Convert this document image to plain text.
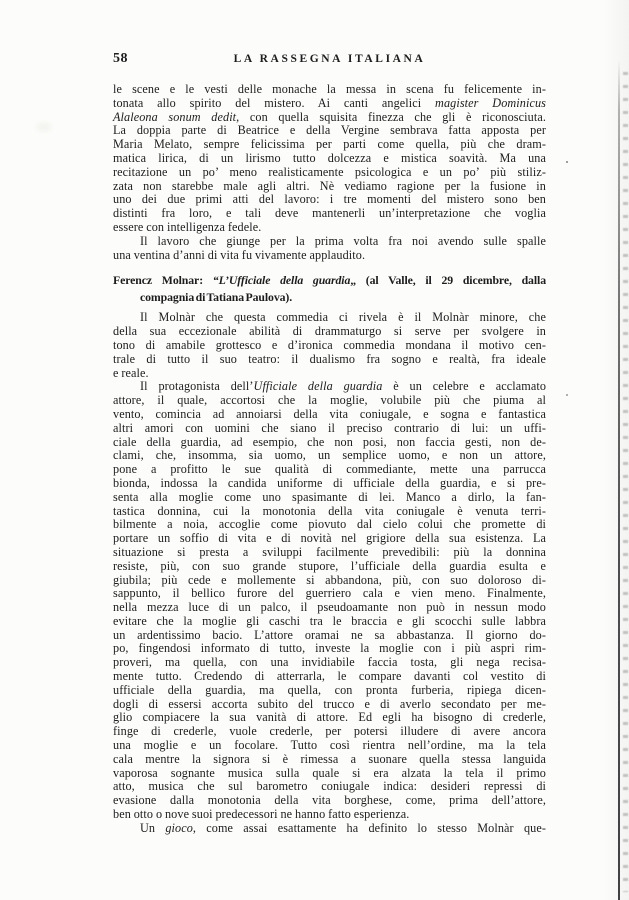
58	LA RASSEGNA ITALIANA
le scene e le vesti delle monache la messa in scena fu felicemente in-
tonata allo spirito del mistero. Ai canti angelici magister Dominicus
Alaleona sonum dedit, con quella squisita finezza che gli è riconosciuta.
La doppia parte di Beatrice e della Vergine sembrava fatta apposta per
Maria Melato, sempre felicissima per parti come quella, più che dram-
matica lirica, di un lirismo tutto dolcezza e mistica soavità. Ma una
recitazione un po’ meno realisticamente psicologica e un po’ più stiliz-
zata non starebbe male agli altri. Nè vediamo ragione per la fusione in
uno dei due primi atti del lavoro: i tre momenti del mistero sono ben
distinti fra loro, e tali deve mantenerli un’interpretazione che voglia
essere con intelligenza fedele.
Il lavoro che giunge per la prima volta fra noi avendo sulle spalle
una ventina d’anni di vita fu vivamente applaudito.
Ferencz Molnar: “L’Ufficiale della guardia„ (al Valle, il 29 dicembre, dalla
compagnia di Tatiana Paulova).
Il Molnàr che questa commedia ci rivela è il Molnàr minore, che
della sua eccezionale abilità di drammaturgo si serve per svolgere in
tono di amabile grottesco e d’ironica commedia mondana il motivo cen-
trale di tutto il suo teatro: il dualismo fra sogno e realtà, fra ideale
e reale.
Il protagonista dell’Ufficiale della guardia è un celebre e acclamato
attore, il quale, accortosi che la moglie, volubile più che piuma al
vento, comincia ad annoiarsi della vita coniugale, e sogna e fantastica
altri amori con uomini che siano il preciso contrario di lui: un uffi-
ciale della guardia, ad esempio, che non posi, non faccia gesti, non de-
clami, che, insomma, sia uomo, un semplice uomo, e non un attore,
pone a profitto le sue qualità di commediante, mette una parrucca
bionda, indossa la candida uniforme di ufficiale della guardia, e si pre-
senta alla moglie come uno spasimante di lei. Manco a dirlo, la fan-
tastica donnina, cui la monotonia della vita coniugale è venuta terri-
bilmente a noia, accoglie come piovuto dal cielo colui che promette di
portare un soffio di vita e di novità nel grigiore della sua esistenza. La
situazione si presta a sviluppi facilmente prevedibili: più la donnina
resiste, più, con suo grande stupore, l’ufficiale della guardia esulta e
giubila; più cede e mollemente si abbandona, più, con suo doloroso di-
sappunto, il bellico furore del guerriero cala e vien meno. Finalmente,
nella mezza luce di un palco, il pseudoamante non può in nessun modo
evitare che la moglie gli caschi tra le braccia e gli scocchi sulle labbra
un ardentissimo bacio. L’attore oramai ne sa abbastanza. Il giorno do-
po, fingendosi informato di tutto, investe la moglie con i più aspri rim-
proveri, ma quella, con una invidiabile faccia tosta, gli nega recisa-
mente tutto. Credendo di atterrarla, le compare davanti col vestito di
ufficiale della guardia, ma quella, con pronta furberia, ripiega dicen-
dogli di essersi accorta subito del trucco e di averlo secondato per me-
glio compiacere la sua vanità di attore. Ed egli ha bisogno di crederle,
finge di crederle, vuole crederle, per potersi illudere di avere ancora
una moglie e un focolare. Tutto così rientra nell’ordine, ma la tela
cala mentre la signora si è rimessa a suonare quella stessa languida
vaporosa sognante musica sulla quale si era alzata la tela il primo
atto, musica che sul barometro coniugale indica: desideri repressi di
evasione dalla monotonia della vita borghese, come, prima dell’attore,
ben otto o nove suoi predecessori ne hanno fatto esperienza.
Un gioco, come assai esattamente ha definito lo stesso Molnàr que-
